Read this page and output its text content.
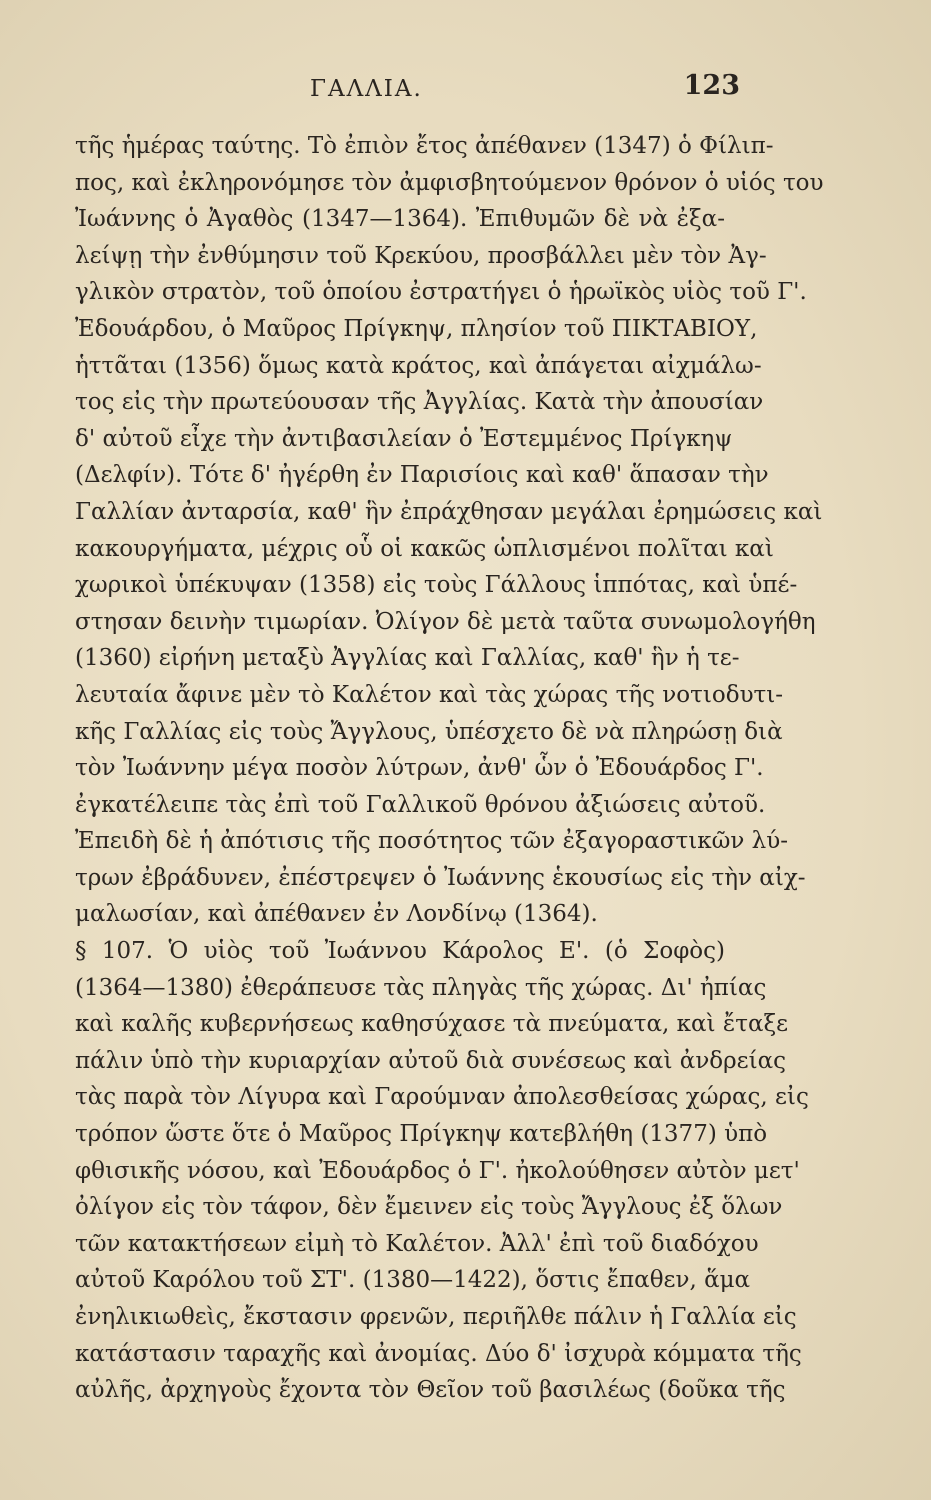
ΓΑΛΛΙΑ.	123
τῆς ἡμέρας ταύτης. Τὸ ἐπιὸν ἔτος ἀπέθανεν (1347) ὁ Φίλιπ-
πος, καὶ ἐκληρονόμησε τὸν ἀμφισβητούμενον θρόνον ὁ υἱός του
Ἰωάννης ὁ Ἀγαθὸς (1347—1364). Ἐπιθυμῶν δὲ νὰ ἐξα-
λείψῃ τὴν ἐνθύμησιν τοῦ Κρεκύου, προσβάλλει μὲν τὸν Ἀγ-
γλικὸν στρατὸν, τοῦ ὁποίου ἐστρατήγει ὁ ἡρωϊκὸς υἱὸς τοῦ Γ'.
Ἐδουάρδου, ὁ Μαῦρος Πρίγκηψ, πλησίον τοῦ ΠΙΚΤΑΒΙΟΥ,
ἡττᾶται (1356) ὅμως κατὰ κράτος, καὶ ἀπάγεται αἰχμάλω-
τος εἰς τὴν πρωτεύουσαν τῆς Ἀγγλίας. Κατὰ τὴν ἀπουσίαν
δ' αὐτοῦ εἶχε τὴν ἀντιβασιλείαν ὁ Ἐστεμμένος Πρίγκηψ
(Δελφίν). Τότε δ' ἠγέρθη ἐν Παρισίοις καὶ καθ' ἅπασαν τὴν
Γαλλίαν ἀνταρσία, καθ' ἣν ἐπράχθησαν μεγάλαι ἐρημώσεις καὶ
κακουργήματα, μέχρις οὗ οἱ κακῶς ὡπλισμένοι πολῖται καὶ
χωρικοὶ ὑπέκυψαν (1358) εἰς τοὺς Γάλλους ἱππότας, καὶ ὑπέ-
στησαν δεινὴν τιμωρίαν. Ὀλίγον δὲ μετὰ ταῦτα συνωμολογήθη
(1360) εἰρήνη μεταξὺ Ἀγγλίας καὶ Γαλλίας, καθ' ἣν ἡ τε-
λευταία ἄφινε μὲν τὸ Καλέτον καὶ τὰς χώρας τῆς νοτιοδυτι-
κῆς Γαλλίας εἰς τοὺς Ἄγγλους, ὑπέσχετο δὲ νὰ πληρώσῃ διὰ
τὸν Ἰωάννην μέγα ποσὸν λύτρων, ἀνθ' ὧν ὁ Ἐδουάρδος Γ'.
ἐγκατέλειπε τὰς ἐπὶ τοῦ Γαλλικοῦ θρόνου ἀξιώσεις αὐτοῦ.
Ἐπειδὴ δὲ ἡ ἀπότισις τῆς ποσότητος τῶν ἐξαγοραστικῶν λύ-
τρων ἐβράδυνεν, ἐπέστρεψεν ὁ Ἰωάννης ἑκουσίως εἰς τὴν αἰχ-
μαλωσίαν, καὶ ἀπέθανεν ἐν Λονδίνῳ (1364).
§ 107. Ὁ υἱὸς τοῦ Ἰωάννου Κάρολος Ε'. (ὁ Σοφὸς)
(1364—1380) ἐθεράπευσε τὰς πληγὰς τῆς χώρας. Δι' ἠπίας
καὶ καλῆς κυβερνήσεως καθησύχασε τὰ πνεύματα, καὶ ἔταξε
πάλιν ὑπὸ τὴν κυριαρχίαν αὐτοῦ διὰ συνέσεως καὶ ἀνδρείας
τὰς παρὰ τὸν Λίγυρα καὶ Γαρούμναν ἀπολεσθείσας χώρας, εἰς
τρόπον ὥστε ὅτε ὁ Μαῦρος Πρίγκηψ κατεβλήθη (1377) ὑπὸ
φθισικῆς νόσου, καὶ Ἐδουάρδος ὁ Γ'. ἠκολούθησεν αὐτὸν μετ'
ὀλίγον εἰς τὸν τάφον, δὲν ἔμεινεν εἰς τοὺς Ἄγγλους ἐξ ὅλων
τῶν κατακτήσεων εἰμὴ τὸ Καλέτον. Ἀλλ' ἐπὶ τοῦ διαδόχου
αὐτοῦ Καρόλου τοῦ ΣΤ'. (1380—1422), ὅστις ἔπαθεν, ἅμα
ἐνηλικιωθεὶς, ἔκστασιν φρενῶν, περιῆλθε πάλιν ἡ Γαλλία εἰς
κατάστασιν ταραχῆς καὶ ἀνομίας. Δύο δ' ἰσχυρὰ κόμματα τῆς
αὐλῆς, ἀρχηγοὺς ἔχοντα τὸν Θεῖον τοῦ βασιλέως (δοῦκα τῆς
